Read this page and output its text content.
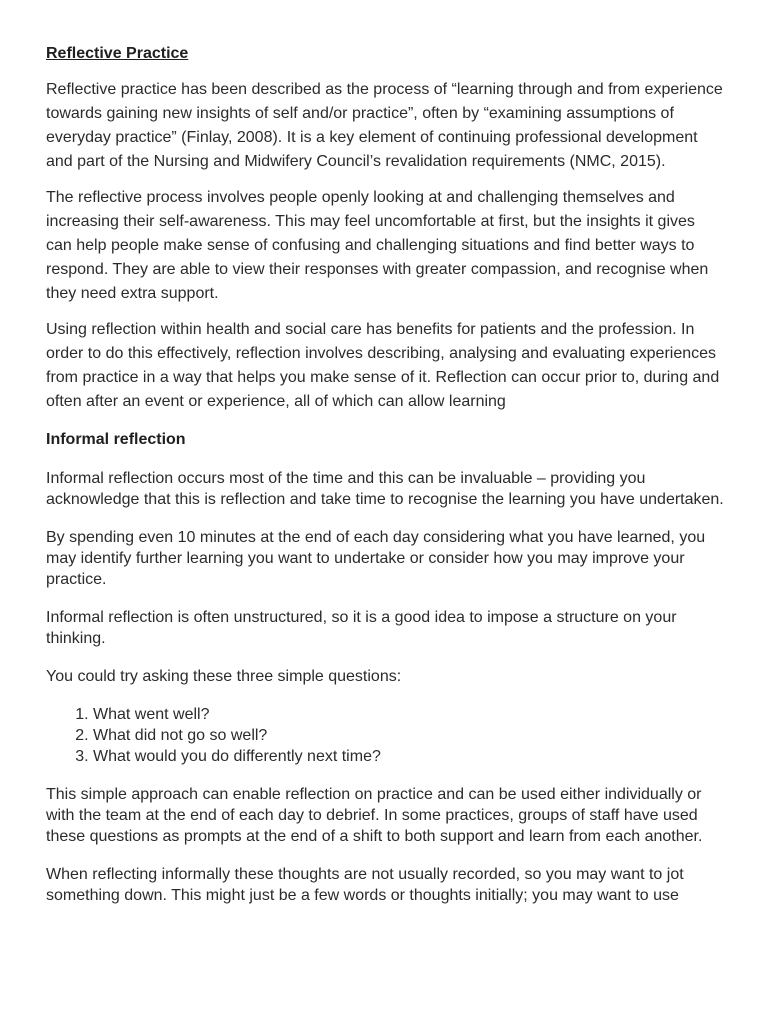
Reflective Practice

Reflective practice has been described as the process of “learning through and from experience towards gaining new insights of self and/or practice”, often by “examining assumptions of everyday practice” (Finlay, 2008). It is a key element of continuing professional development and part of the Nursing and Midwifery Council’s revalidation requirements (NMC, 2015).

The reflective process involves people openly looking at and challenging themselves and increasing their self-awareness. This may feel uncomfortable at first, but the insights it gives can help people make sense of confusing and challenging situations and find better ways to respond. They are able to view their responses with greater compassion, and recognise when they need extra support.

Using reflection within health and social care has benefits for patients and the profession. In order to do this effectively, reflection involves describing, analysing and evaluating experiences from practice in a way that helps you make sense of it. Reflection can occur prior to, during and often after an event or experience, all of which can allow learning

Informal reflection

Informal reflection occurs most of the time and this can be invaluable – providing you acknowledge that this is reflection and take time to recognise the learning you have undertaken.

By spending even 10 minutes at the end of each day considering what you have learned, you may identify further learning you want to undertake or consider how you may improve your practice.

Informal reflection is often unstructured, so it is a good idea to impose a structure on your thinking.

You could try asking these three simple questions:

1. What went well?
2. What did not go so well?
3. What would you do differently next time?

This simple approach can enable reflection on practice and can be used either individually or with the team at the end of each day to debrief. In some practices, groups of staff have used these questions as prompts at the end of a shift to both support and learn from each another.

When reflecting informally these thoughts are not usually recorded, so you may want to jot something down. This might just be a few words or thoughts initially; you may want to use
